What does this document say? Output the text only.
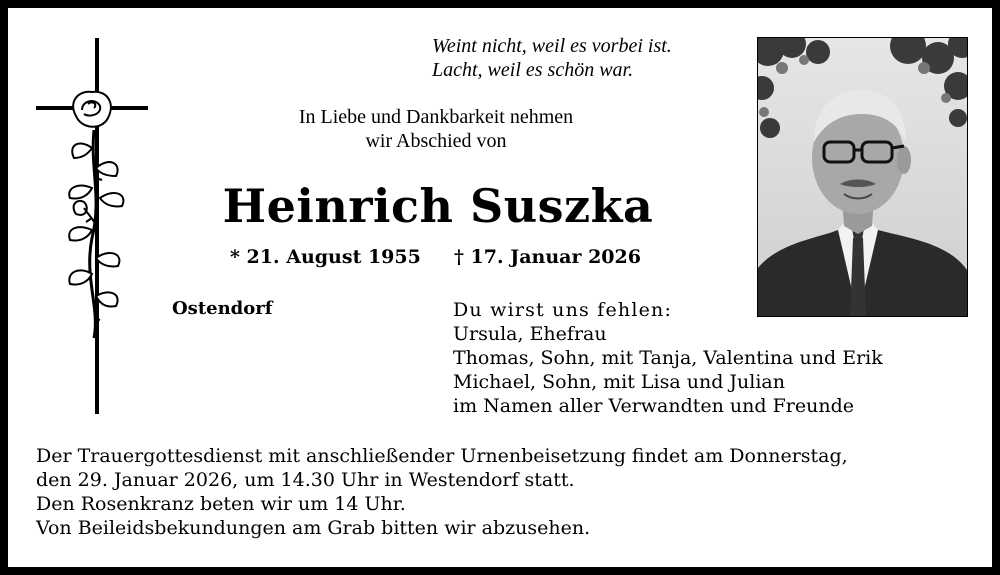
Weint nicht, weil es vorbei ist.
Lacht, weil es schön war.
In Liebe und Dankbarkeit nehmen
wir Abschied von
Heinrich Suszka
* 21. August 1955 † 17. Januar 2026
Ostendorf	Du wirst uns fehlen:
Ursula, Ehefrau
Thomas, Sohn, mit Tanja, Valentina und Erik
Michael, Sohn, mit Lisa und Julian
im Namen aller Verwandten und Freunde
Der Trauergottesdienst mit anschließender Urnenbeisetzung findet am Donnerstag,
den 29. Januar 2026, um 14.30 Uhr in Westendorf statt.
Den Rosenkranz beten wir um 14 Uhr.
Von Beileidsbekundungen am Grab bitten wir abzusehen.
